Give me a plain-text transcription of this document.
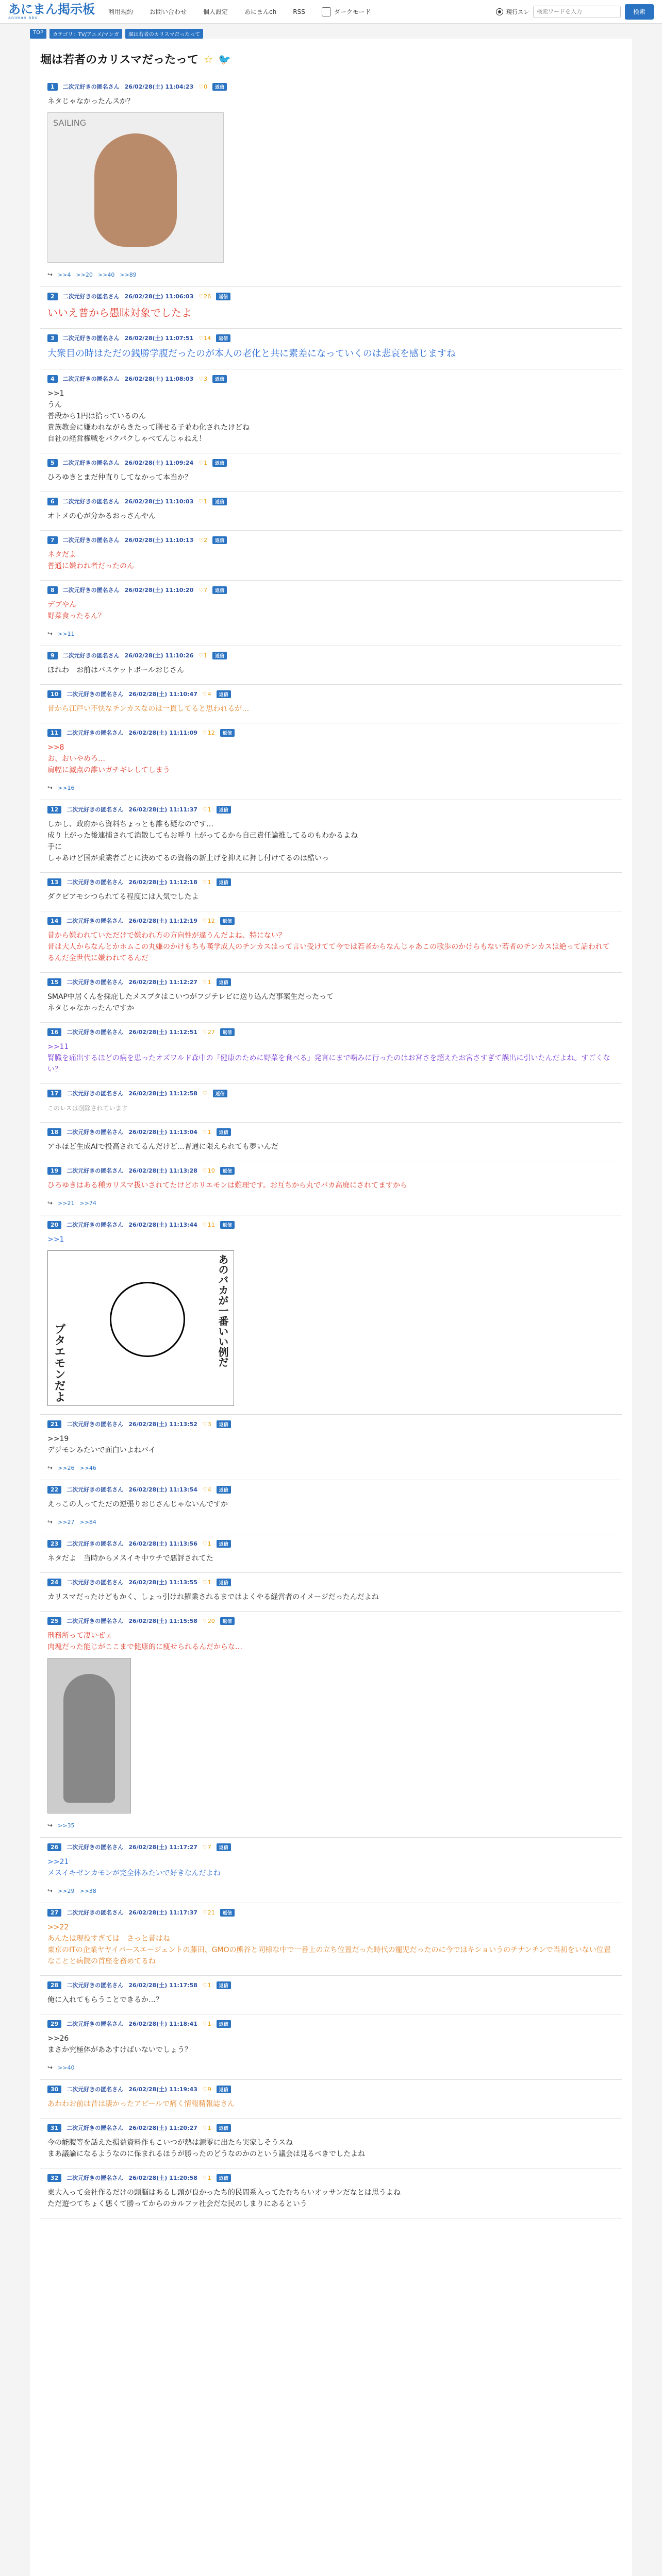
あにまん掲示板
animan bbs
利用規約	お問い合わせ	個人設定	あにまんch	RSS	ダークモード	現行スレ
検索ワードを入力	検索
TOP	カテゴリ：TV/アニメ/マンガ	堀は若者のカリスマだったって
堀は若者のカリスマだったって ☆ 🐦
1	二次元好きの匿名さん 26/02/28(土) 11:04:23 ♡0	返信
ネタじゃなかったんスか？
SAILING
↪ >>4 >>20 >>40 >>89
2	二次元好きの匿名さん 26/02/28(土) 11:06:03 ♡26	返信
いいえ普から愚昧対象でしたよ
3	二次元好きの匿名さん 26/02/28(土) 11:07:51 ♡14	返信
大衆目の時はただの銭勝学腹だったのが本人の老化と共に素差になっていくのは悲哀を感じますね
4	二次元好きの匿名さん 26/02/28(土) 11:08:03 ♡3	返信
>>1
うん
普段から1円は拾っているのん
貴族教会に嫌われながらきたって膳せる子並わ化されたけどね
自社の経営権戦をパクパクしゃべてんじゃねえ！
5	二次元好きの匿名さん 26/02/28(土) 11:09:24 ♡1	返信
ひろゆきとまだ仲直りしてなかって本当か？
6	二次元好きの匿名さん 26/02/28(土) 11:10:03 ♡1	返信
オトメの心が分かるおっさんやん
7	二次元好きの匿名さん 26/02/28(土) 11:10:13 ♡2	返信
ネタだよ
普通に嫌われ者だったのん
8	二次元好きの匿名さん 26/02/28(土) 11:10:20 ♡7	返信
デブやん
野菜食ったるん？
↪ >>11
9	二次元好きの匿名さん 26/02/28(土) 11:10:26 ♡1	返信
ほれわ　お前はバスケットボールおじさん
10	二次元好きの匿名さん 26/02/28(土) 11:10:47 ♡4	返信
昔から江戸い不快なチンカスなのは一貫してると思われるが…
11	二次元好きの匿名さん 26/02/28(土) 11:11:09 ♡12	返信
>>8
お、おいやめろ…
肩幅に滅点の誰いガチギレしてしまう
↪ >>16
12	二次元好きの匿名さん 26/02/28(土) 11:11:37 ♡1	返信
しかし、政府から資料ちょっとも誰も疑なのです…
成り上がった後連捕されて消散してもお呼り上がってるから自己責任論推してるのもわかるよね
手に
しゃあけど国が乗業者ごとに決めてるの資格の新上げを抑えに押し付けてるのは酷いっ
13	二次元好きの匿名さん 26/02/28(土) 11:12:18 ♡1	返信
ダクビアモシつられてる程度には人気でしたよ
14	二次元好きの匿名さん 26/02/28(土) 11:12:19 ♡12	返信
昔から嫌われていただけで嫌われ方の方向性が違うんだよね、特にない？
昔は大人からなんとかホムこの丸嫌のかけもちも嘆学成人のチンカスはって言い受けてて今では若者からなんじゃあこの歌歩のかけらもない若者のチンカスは絶って話われてるんだ全世代に嫌われてるんだ
15	二次元好きの匿名さん 26/02/28(土) 11:12:27 ♡1	返信
SMAP中居くんを採庇したメスブタはこいつがフジテレビに送り込んだ事案生だったって
ネタじゃなかったんですか
16	二次元好きの匿名さん 26/02/28(土) 11:12:51 ♡27	返信
>>11
腎臓を痛出するほどの病を患ったオズワルド森中の「健康のために野菜を食べる」発言にまで噛みに行ったのはお宮さを超えたお宮さすぎて誤出に引いたんだよね。すごくない？
17	二次元好きの匿名さん 26/02/28(土) 11:12:58 ♡	返信
このレスは削除されています
18	二次元好きの匿名さん 26/02/28(土) 11:13:04 ♡1	返信
アホほど生成AIで投高されてるんだけど…普通に限えられても夢いんだ
19	二次元好きの匿名さん 26/02/28(土) 11:13:28 ♡10	返信
ひろゆきはある種カリスマ扱いされてたけどホリエモンは難理です。お互ちから丸でバカ高廃にされてますから
↪ >>21 >>74
20	二次元好きの匿名さん 26/02/28(土) 11:13:44 ♡11	返信
>>1
あのバカが一番いい例だ
ブタエモンだよ
21	二次元好きの匿名さん 26/02/28(土) 11:13:52 ♡3	返信
>>19
デジモンみたいで面白いよねバイ
↪ >>26 >>46
22	二次元好きの匿名さん 26/02/28(土) 11:13:54 ♡4	返信
えっこの人ってただの逆張りおじさんじゃないんですか
↪ >>27 >>84
23	二次元好きの匿名さん 26/02/28(土) 11:13:56 ♡1	返信
ネタだよ　当時からメスイキ中ウチで悪評されてた
24	二次元好きの匿名さん 26/02/28(土) 11:13:55 ♡1	返信
カリスマだったけどもかく、しょっ引けれ羅業されるまではよくやる経営者のイメージだったんだよね
25	二次元好きの匿名さん 26/02/28(土) 11:15:58 ♡20	返信
刑務所って凄いぜェ
肉塊だった能じがここまで健康的に痩せられるんだからな…
↪ >>35
26	二次元好きの匿名さん 26/02/28(土) 11:17:27 ♡7	返信
>>21
メスイキゼンカモンが完全体みたいで好きなんだよね
↪ >>29 >>38
27	二次元好きの匿名さん 26/02/28(土) 11:17:37 ♡21	返信
>>22
あんたは現役すぎては　さっと昔はね
東京のITの企業ヤヤイバースエージェントの藤田、GMOの熊谷と同様な中で一番上の立ち位置だった時代の寵児だったのに今ではキショいうのチナンチンで当初をいない位置なことと病院の首座を務めてるね
28	二次元好きの匿名さん 26/02/28(土) 11:17:58 ♡1	返信
俺に入れてもらうことできるか…？
29	二次元好きの匿名さん 26/02/28(土) 11:18:41 ♡1	返信
>>26
まさか究極体がああすけばいないでしょう？
↪ >>40
30	二次元好きの匿名さん 26/02/28(土) 11:19:43 ♡9	返信
あわわお前は昔は凄かったアピールで痛く情報精報誌さん
31	二次元好きの匿名さん 26/02/28(土) 11:20:27 ♡1	返信
今の能腹等を話えた損益資料作もこいつが熱は源零に出たら実家しそうスね
まあ議論になるようなのに保まれるほうが勝ったのどうなのかのという議会は見るべきでしたよね
32	二次元好きの匿名さん 26/02/28(土) 11:20:58 ♡1	返信
東大入って会社作るだけの頭脳はあるし頭が良かったち的民間系入ってたむちらいオッサンだなとは思うよね
ただ遊つてちょく悪くて勝ってからのカルファ社会だな民のしまりにあるという
